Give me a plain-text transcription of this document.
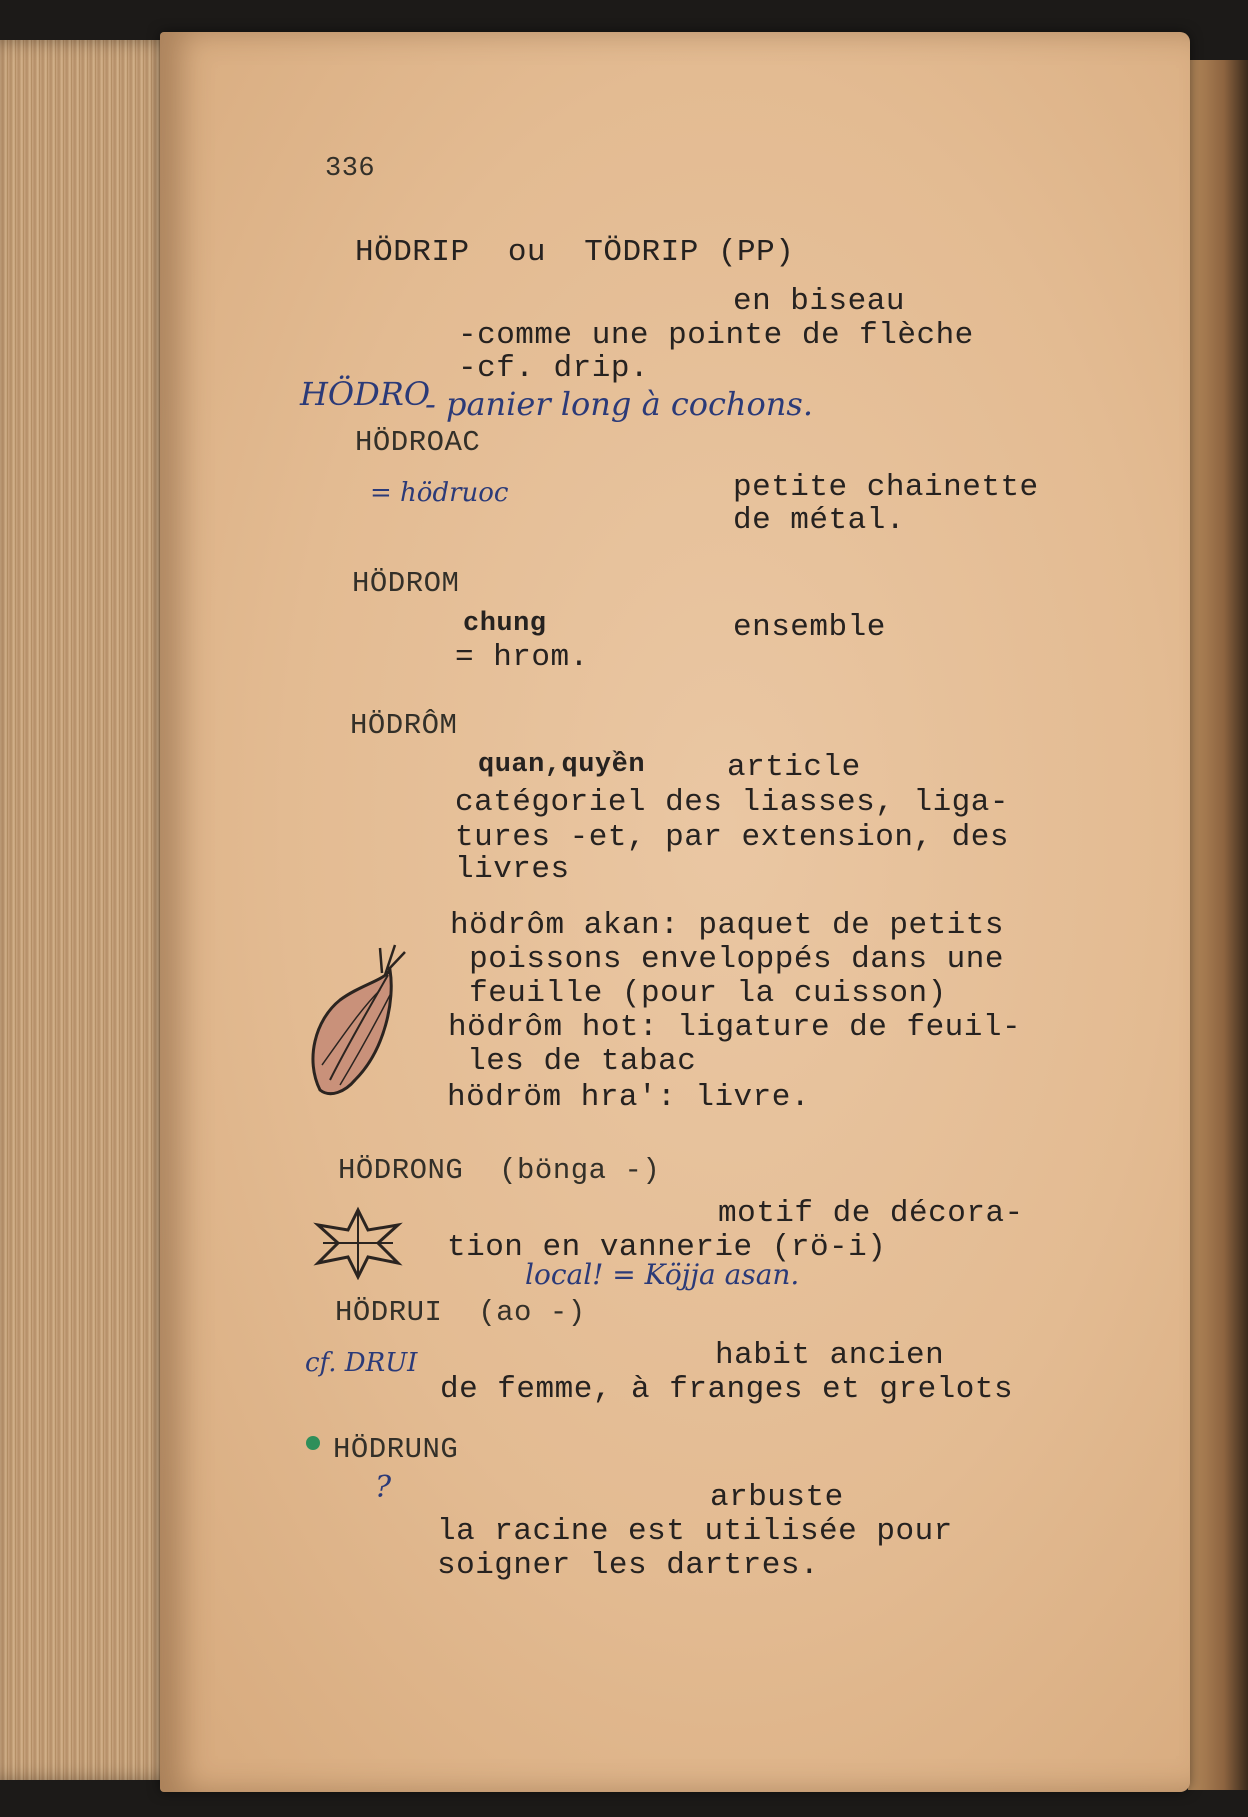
336
HÖDRIP  ou  TÖDRIP (PP)
en biseau
-comme une pointe de flèche
-cf. drip.
HÖDRO
- panier long à cochons.
HÖDROAC
= hödruoc	petite chainette
de métal.
HÖDROM
chung	ensemble
= hrom.
HÖDRÔM
quan,quyền	article
catégoriel des liasses, liga-
tures -et, par extension, des
livres
hödrôm akan: paquet de petits
poissons enveloppés dans une
feuille (pour la cuisson)
hödrôm hot: ligature de feuil-
les de tabac
hödröm hra': livre.
HÖDRONG  (bönga -)
motif de décora-
tion en vannerie (rö-i)
local! = Köjja asan.
HÖDRUI  (ao -)
cf. DRUI	habit ancien
de femme, à franges et grelots
HÖDRUNG
?	arbuste
la racine est utilisée pour
soigner les dartres.
